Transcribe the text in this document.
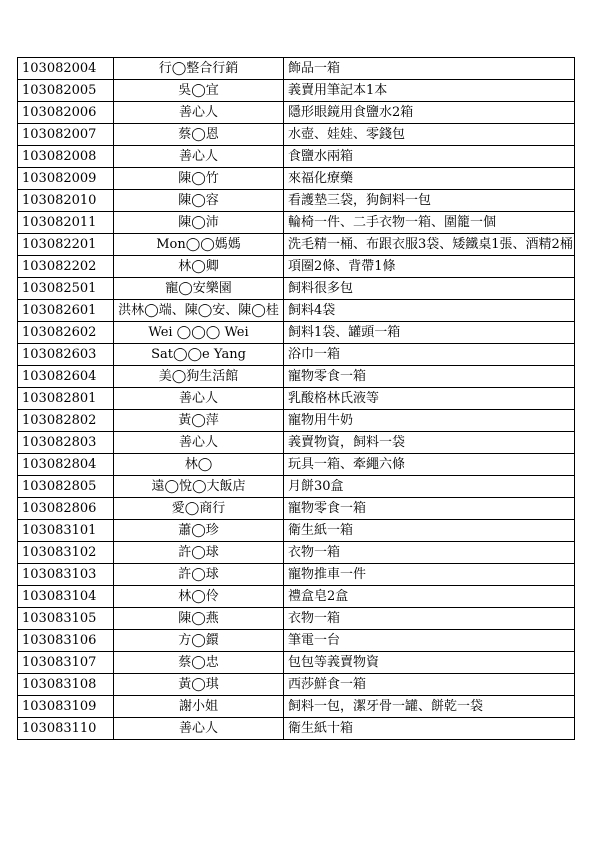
103082004	行◯整合行銷	飾品一箱
103082005	吳◯宜	義賣用筆記本1本
103082006	善心人	隱形眼鏡用食鹽水2箱
103082007	蔡◯恩	水壺、娃娃、零錢包
103082008	善心人	食鹽水兩箱
103082009	陳◯竹	來福化療藥
103082010	陳◯容	看護墊三袋，狗飼料一包
103082011	陳◯沛	輪椅一件、二手衣物一箱、圍籠一個
103082201	Mon◯◯媽媽	洗毛精一桶、布跟衣服3袋、矮鐵桌1張、酒精2桶
103082202	林◯卿	項圈2條、背帶1條
103082501	寵◯安樂園	飼料很多包
103082601	洪林◯端、陳◯安、陳◯桂	飼料4袋
103082602	Wei ◯◯◯ Wei	飼料1袋、罐頭一箱
103082603	Sat◯◯e Yang	浴巾一箱
103082604	美◯狗生活館	寵物零食一箱
103082801	善心人	乳酸格林氏液等
103082802	黃◯萍	寵物用牛奶
103082803	善心人	義賣物資，飼料一袋
103082804	林◯	玩具一箱、牽繩六條
103082805	遠◯悅◯大飯店	月餅30盒
103082806	愛◯商行	寵物零食一箱
103083101	蕭◯珍	衛生紙一箱
103083102	許◯球	衣物一箱
103083103	許◯球	寵物推車一件
103083104	林◯伶	禮盒皂2盒
103083105	陳◯燕	衣物一箱
103083106	方◯鐶	筆電一台
103083107	蔡◯忠	包包等義賣物資
103083108	黃◯琪	西莎鮮食一箱
103083109	謝小姐	飼料一包，潔牙骨一罐、餅乾一袋
103083110	善心人	衛生紙十箱
